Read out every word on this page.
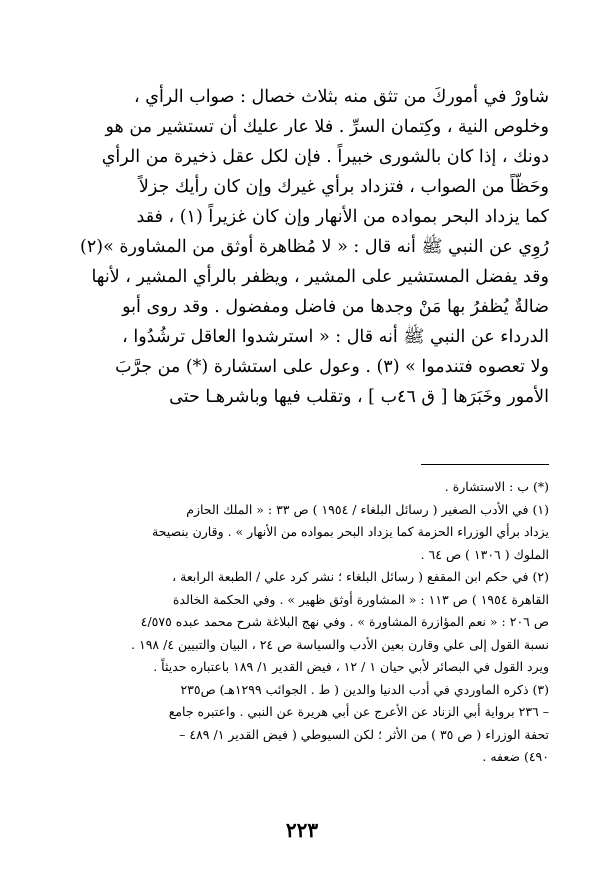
شاورْ في أموركَ من تثق منه بثلاث خصال : صواب الرأي ،
وخلوص النية ، وكِتمان السرِّ . فلا عار عليك أن تستشير من هو
دونك ، إذا كان بالشورى خبيراً . فإن لكل عقل ذخيرة من الرأي
وحَظّاً من الصواب ، فتزداد برأي غيرك وإن كان رأيك جزلاً
كما يزداد البحر بمواده من الأنهار وإن كان غزيراً (١) ، فقد
رُوِي عن النبي ﷺ أنه قال : « لا مُظاهرة أوثق من المشاورة »(٢)
وقد يفضل المستشير على المشير ، ويظفر بالرأي المشير ، لأنها
ضالةٌ يُظفرُ بها مَنْ وجدها من فاضل ومفضول . وقد روى أبو
الدرداء عن النبي ﷺ أنه قال : « استرشدوا العاقل ترشُدُوا ،
ولا تعصوه فتندموا » (٣) . وعول على استشارة (*) من جرَّبَ
الأمور وخَبَرَها [ ق ٤٦ب ] ، وتقلب فيها وباشرهـا حتى
(*) ب : الاستشارة .
(١) في الأدب الصغير ( رسائل البلغاء / ١٩٥٤ ) ص ٣٣ : « الملك الحازم
يزداد برأي الوزراء الحزمة كما يزداد البحر بمواده من الأنهار » . وقارن بنصيحة
الملوك ( ١٣٠٦ ) ص ٦٤ .
(٢) في حكم ابن المقفع ( رسائل البلغاء ؛ نشر كرد علي / الطبعة الرابعة ،
القاهرة ١٩٥٤ ) ص ١١٣ : « المشاورة أوثق ظهير » . وفي الحكمة الخالدة
ص ٢٠٦ : « نعم المؤازرة المشاورة » . وفي نهج البلاغة شرح محمد عبده ٤/٥٧٥
نسبة القول إلى علي وقارن بعين الأدب والسياسة ص ٢٤ ، البيان والتبيين ٤/ ١٩٨ .
ويرد القول في البصائر لأبي حيان ١ / ١٢ ، فيض القدير ١/ ١٨٩ باعتباره حديثاً .
(٣) ذكره الماوردي في أدب الدنيا والدين ( ط . الجوائب ١٢٩٩هـ) ص٢٣٥
– ٢٣٦ برواية أبي الزناد عن الأعرج عن أبي هريرة عن النبي . واعتبره جامع
تحفة الوزراء ( ص ٣٥ ) من الأثر ؛ لكن السيوطي ( فيض القدير ١/ ٤٨٩ –
٤٩٠) ضعفه .
٢٢٣
